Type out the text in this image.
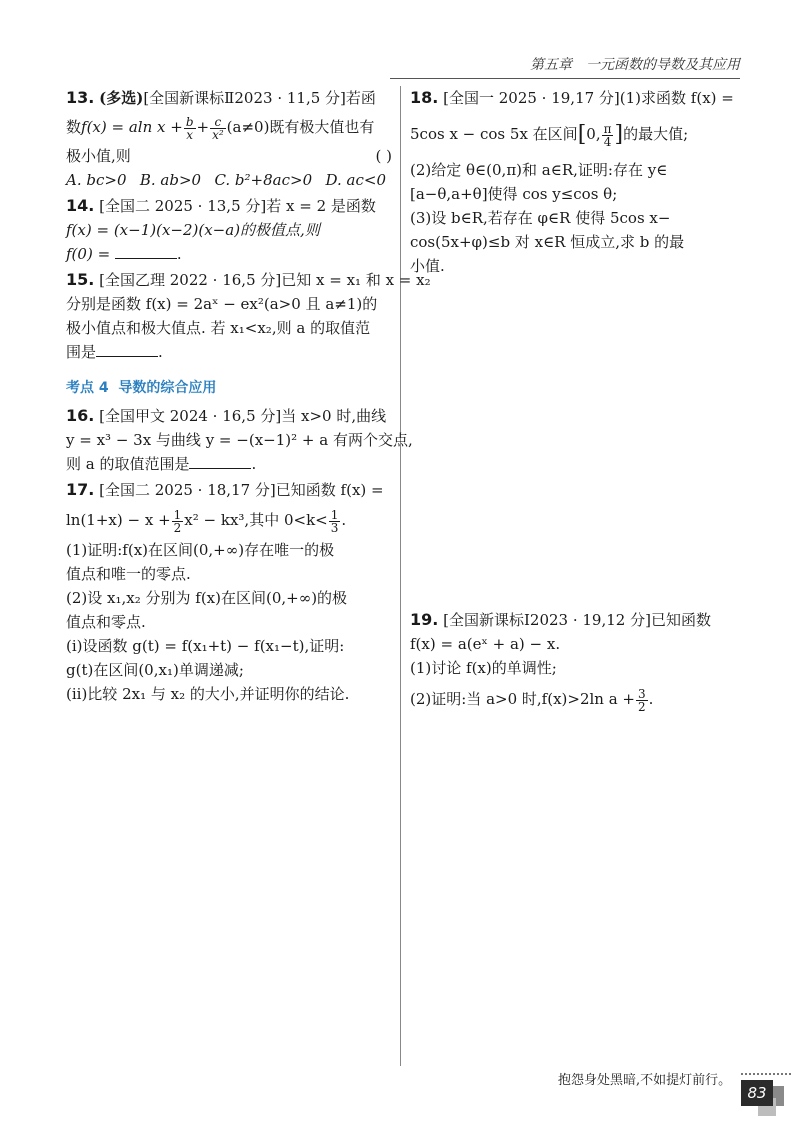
第五章 一元函数的导数及其应用
13. (多选)[全国新课标Ⅱ2023 · 11,5 分]若函
数f(x) = aln $x + \frac{b}{x} + \frac{c}{\text{x²}} (a\ne 0)$既有极大值也有
极小值,则	( )
A. bc>0 B. ab>0 C. b²+8ac>0 D. ac<0
14. [全国二 2025 · 13,5 分]若 x = 2 是函数
f(x) = (x−1)(x−2)(x−a)的极值点,则
f(0) =	.
15. [全国乙理 2022 · 16,5 分]已知 x = x₁ 和 x = x₂
分别是函数 f(x) = 2aˣ − ex²(a>0 且 a≠1)的
极小值点和极大值点. 若 x₁<x₂,则 a 的取值范
围是	.
考点 4 导数的综合应用
16. [全国甲文 2024 · 16,5 分]当 x>0 时,曲线
y = x³ − 3x 与曲线 y = −(x−1)² + a 有两个交点,
则 a 的取值范围是	.
17. [全国二 2025 · 18,17 分]已知函数 f(x) =
$\ln(1+x) - x + \frac{1}{2} x^2 - kx^3$,其中 $0<k< \frac{1}{3}$ .
(1)证明:f(x)在区间(0,+∞)存在唯一的极
值点和唯一的零点.
(2)设 x₁,x₂ 分别为 f(x)在区间(0,+∞)的极
值点和零点.
(i)设函数 g(t) = f(x₁+t) − f(x₁−t),证明:
g(t)在区间(0,x₁)单调递减;
(ii)比较 2x₁ 与 x₂ 的大小,并证明你的结论.
18. [全国一 2025 · 19,17 分](1)求函数 f(x) =
5cos x − cos 5x 在区间[0, $\frac{\pi}{4}$ ]的最大值;
(2)给定 θ∈(0,π)和 a∈R,证明:存在 y∈
[a−θ,a+θ]使得 cos y≤cos θ;
(3)设 b∈R,若存在 φ∈R 使得 5cos x−
cos(5x+φ)≤b 对 x∈R 恒成立,求 b 的最
小值.
19. [全国新课标Ⅰ2023 · 19,12 分]已知函数
f(x) = a(eˣ + a) − x.
(1)讨论 f(x)的单调性;
(2)证明:当 a>0 时,f(x)>2ln $a + \frac{3}{2}$ .
抱怨身处黑暗,不如提灯前行。
83
